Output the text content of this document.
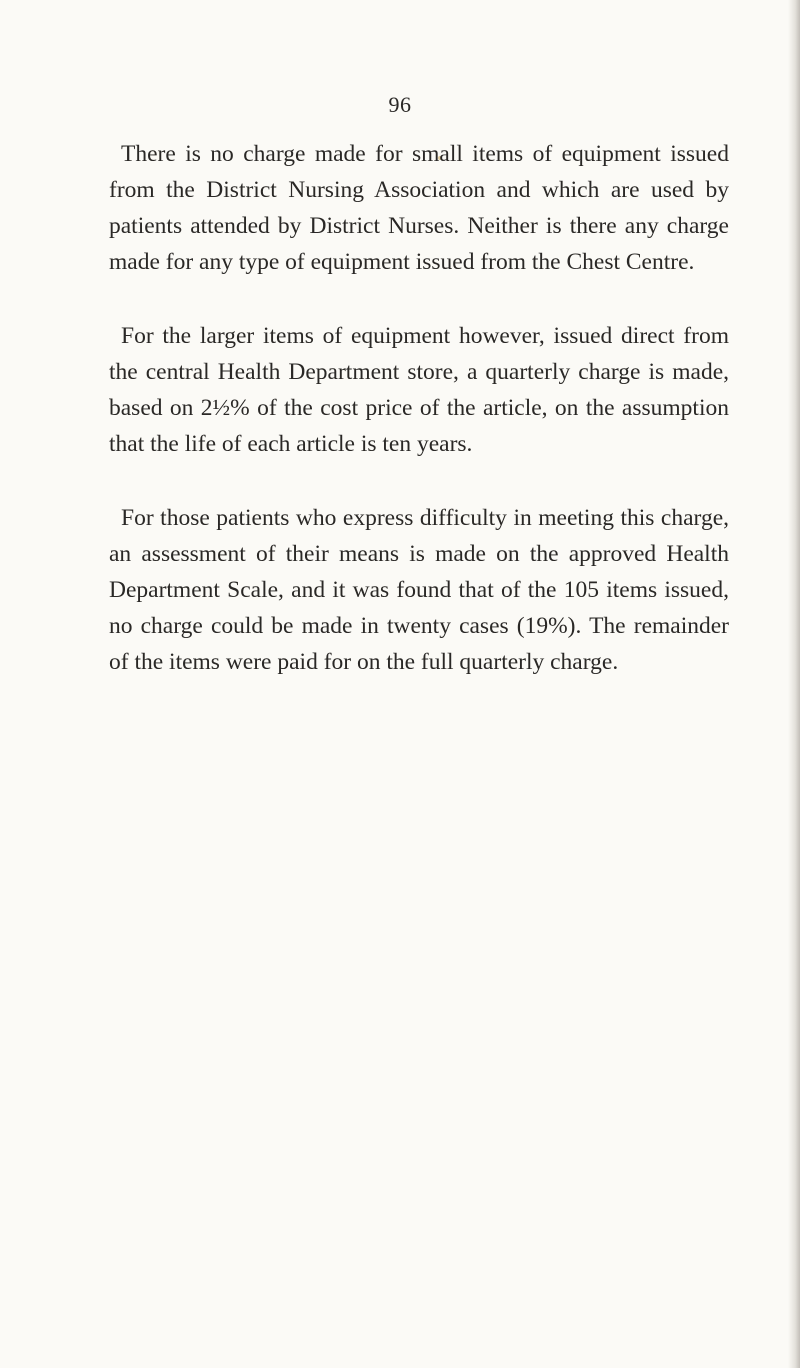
96

There is no charge made for small items of equipment issued from the District Nursing Association and which are used by patients attended by District Nurses. Neither is there any charge made for any type of equipment issued from the Chest Centre.

For the larger items of equipment however, issued direct from the central Health Department store, a quarterly charge is made, based on 2½% of the cost price of the article, on the assumption that the life of each article is ten years.

For those patients who express difficulty in meeting this charge, an assessment of their means is made on the approved Health Department Scale, and it was found that of the 105 items issued, no charge could be made in twenty cases (19%). The remainder of the items were paid for on the full quarterly charge.
